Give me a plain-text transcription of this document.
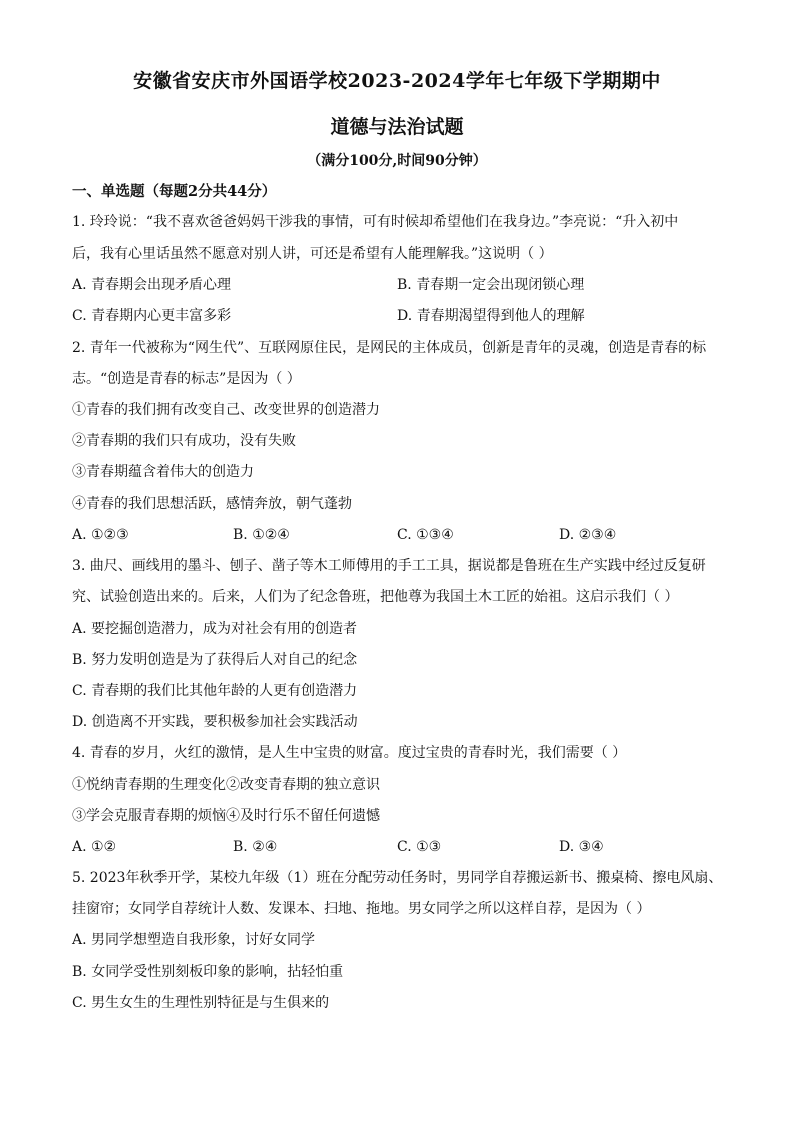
安徽省安庆市外国语学校2023-2024学年七年级下学期期中
道德与法治试题
（满分100分,时间90分钟）
一、单选题（每题2分共44分）
1. 玲玲说：“我不喜欢爸爸妈妈干涉我的事情，可有时候却希望他们在我身边。”李亮说：“升入初中
后，我有心里话虽然不愿意对别人讲，可还是希望有人能理解我。”这说明（ ）
A. 青春期会出现矛盾心理	B. 青春期一定会出现闭锁心理
C. 青春期内心更丰富多彩	D. 青春期渴望得到他人的理解
2. 青年一代被称为“网生代”、互联网原住民，是网民的主体成员，创新是青年的灵魂，创造是青春的标
志。“创造是青春的标志”是因为（ ）
①青春的我们拥有改变自己、改变世界的创造潜力
②青春期的我们只有成功，没有失败
③青春期蕴含着伟大的创造力
④青春的我们思想活跃，感情奔放，朝气蓬勃
A. ①②③	B. ①②④	C. ①③④	D. ②③④
3. 曲尺、画线用的墨斗、刨子、凿子等木工师傅用的手工工具，据说都是鲁班在生产实践中经过反复研
究、试验创造出来的。后来，人们为了纪念鲁班，把他尊为我国土木工匠的始祖。这启示我们（ ）
A. 要挖掘创造潜力，成为对社会有用的创造者
B. 努力发明创造是为了获得后人对自己的纪念
C. 青春期的我们比其他年龄的人更有创造潜力
D. 创造离不开实践，要积极参加社会实践活动
4. 青春的岁月，火红的激情，是人生中宝贵的财富。度过宝贵的青春时光，我们需要（ ）
①悦纳青春期的生理变化②改变青春期的独立意识
③学会克服青春期的烦恼④及时行乐不留任何遗憾
A. ①②	B. ②④	C. ①③	D. ③④
5. 2023年秋季开学，某校九年级（1）班在分配劳动任务时，男同学自荐搬运新书、搬桌椅、擦电风扇、
挂窗帘；女同学自荐统计人数、发课本、扫地、拖地。男女同学之所以这样自荐，是因为（ ）
A. 男同学想塑造自我形象，讨好女同学
B. 女同学受性别刻板印象的影响，拈轻怕重
C. 男生女生的生理性别特征是与生俱来的
